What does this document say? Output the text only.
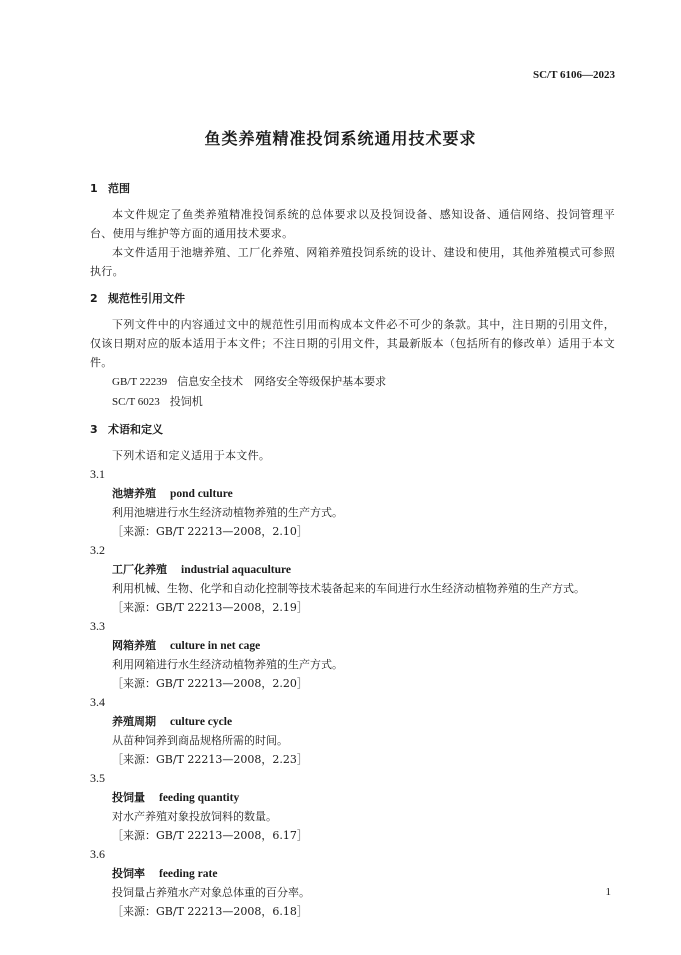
SC/T 6106—2023
鱼类养殖精准投饲系统通用技术要求
1 范围
本文件规定了鱼类养殖精准投饲系统的总体要求以及投饲设备、感知设备、通信网络、投饲管理平台、使用与维护等方面的通用技术要求。
本文件适用于池塘养殖、工厂化养殖、网箱养殖投饲系统的设计、建设和使用，其他养殖模式可参照执行。
2 规范性引用文件
下列文件中的内容通过文中的规范性引用而构成本文件必不可少的条款。其中，注日期的引用文件，仅该日期对应的版本适用于本文件；不注日期的引用文件，其最新版本（包括所有的修改单）适用于本文件。
GB/T 22239 信息安全技术　网络安全等级保护基本要求
SC/T 6023 投饲机
3 术语和定义
下列术语和定义适用于本文件。
3.1
池塘养殖 pond culture
利用池塘进行水生经济动植物养殖的生产方式。
［来源：GB/T 22213—2008，2.10］
3.2
工厂化养殖 industrial aquaculture
利用机械、生物、化学和自动化控制等技术装备起来的车间进行水生经济动植物养殖的生产方式。
［来源：GB/T 22213—2008，2.19］
3.3
网箱养殖 culture in net cage
利用网箱进行水生经济动植物养殖的生产方式。
［来源：GB/T 22213—2008，2.20］
3.4
养殖周期 culture cycle
从苗种饲养到商品规格所需的时间。
［来源：GB/T 22213—2008，2.23］
3.5
投饲量 feeding quantity
对水产养殖对象投放饲料的数量。
［来源：GB/T 22213—2008，6.17］
3.6
投饲率 feeding rate
投饲量占养殖水产对象总体重的百分率。
［来源：GB/T 22213—2008，6.18］
1
